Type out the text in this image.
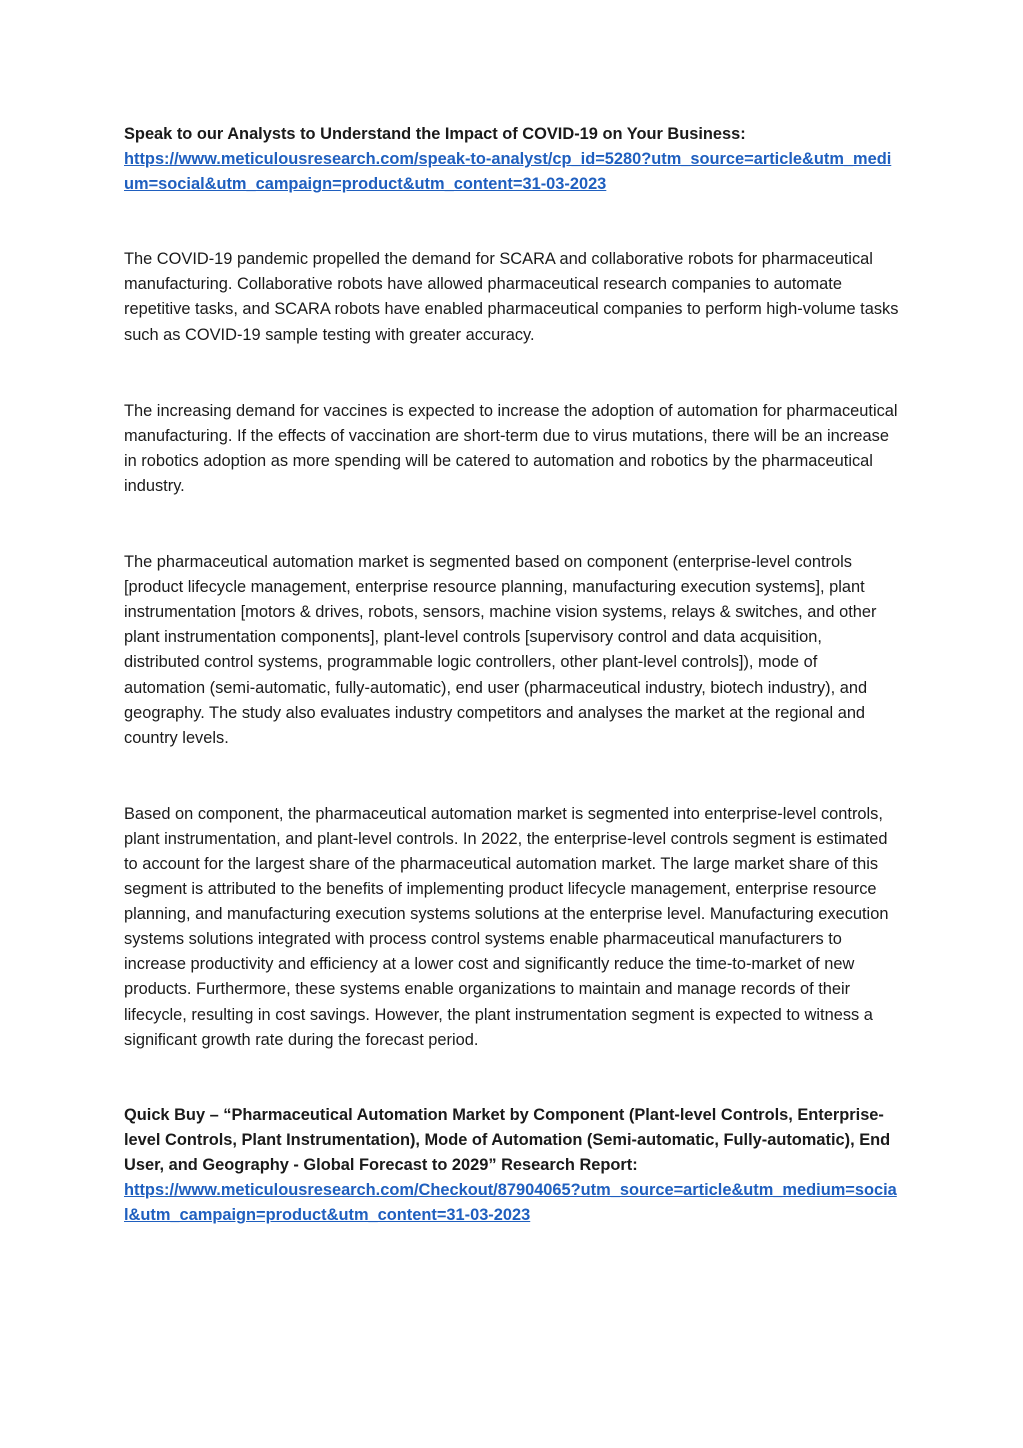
Speak to our Analysts to Understand the Impact of COVID-19 on Your Business:
https://www.meticulousresearch.com/speak-to-analyst/cp_id=5280?utm_source=article&utm_medium=social&utm_campaign=product&utm_content=31-03-2023

The COVID-19 pandemic propelled the demand for SCARA and collaborative robots for pharmaceutical manufacturing. Collaborative robots have allowed pharmaceutical research companies to automate repetitive tasks, and SCARA robots have enabled pharmaceutical companies to perform high-volume tasks such as COVID-19 sample testing with greater accuracy.

The increasing demand for vaccines is expected to increase the adoption of automation for pharmaceutical manufacturing. If the effects of vaccination are short-term due to virus mutations, there will be an increase in robotics adoption as more spending will be catered to automation and robotics by the pharmaceutical industry.

The pharmaceutical automation market is segmented based on component (enterprise-level controls [product lifecycle management, enterprise resource planning, manufacturing execution systems], plant instrumentation [motors & drives, robots, sensors, machine vision systems, relays & switches, and other plant instrumentation components], plant-level controls [supervisory control and data acquisition, distributed control systems, programmable logic controllers, other plant-level controls]), mode of automation (semi-automatic, fully-automatic), end user (pharmaceutical industry, biotech industry), and geography. The study also evaluates industry competitors and analyses the market at the regional and country levels.

Based on component, the pharmaceutical automation market is segmented into enterprise-level controls, plant instrumentation, and plant-level controls. In 2022, the enterprise-level controls segment is estimated to account for the largest share of the pharmaceutical automation market. The large market share of this segment is attributed to the benefits of implementing product lifecycle management, enterprise resource planning, and manufacturing execution systems solutions at the enterprise level. Manufacturing execution systems solutions integrated with process control systems enable pharmaceutical manufacturers to increase productivity and efficiency at a lower cost and significantly reduce the time-to-market of new products. Furthermore, these systems enable organizations to maintain and manage records of their lifecycle, resulting in cost savings. However, the plant instrumentation segment is expected to witness a significant growth rate during the forecast period.

Quick Buy – “Pharmaceutical Automation Market by Component (Plant-level Controls, Enterprise-level Controls, Plant Instrumentation), Mode of Automation (Semi-automatic, Fully-automatic), End User, and Geography - Global Forecast to 2029” Research Report:
https://www.meticulousresearch.com/Checkout/87904065?utm_source=article&utm_medium=social&utm_campaign=product&utm_content=31-03-2023
